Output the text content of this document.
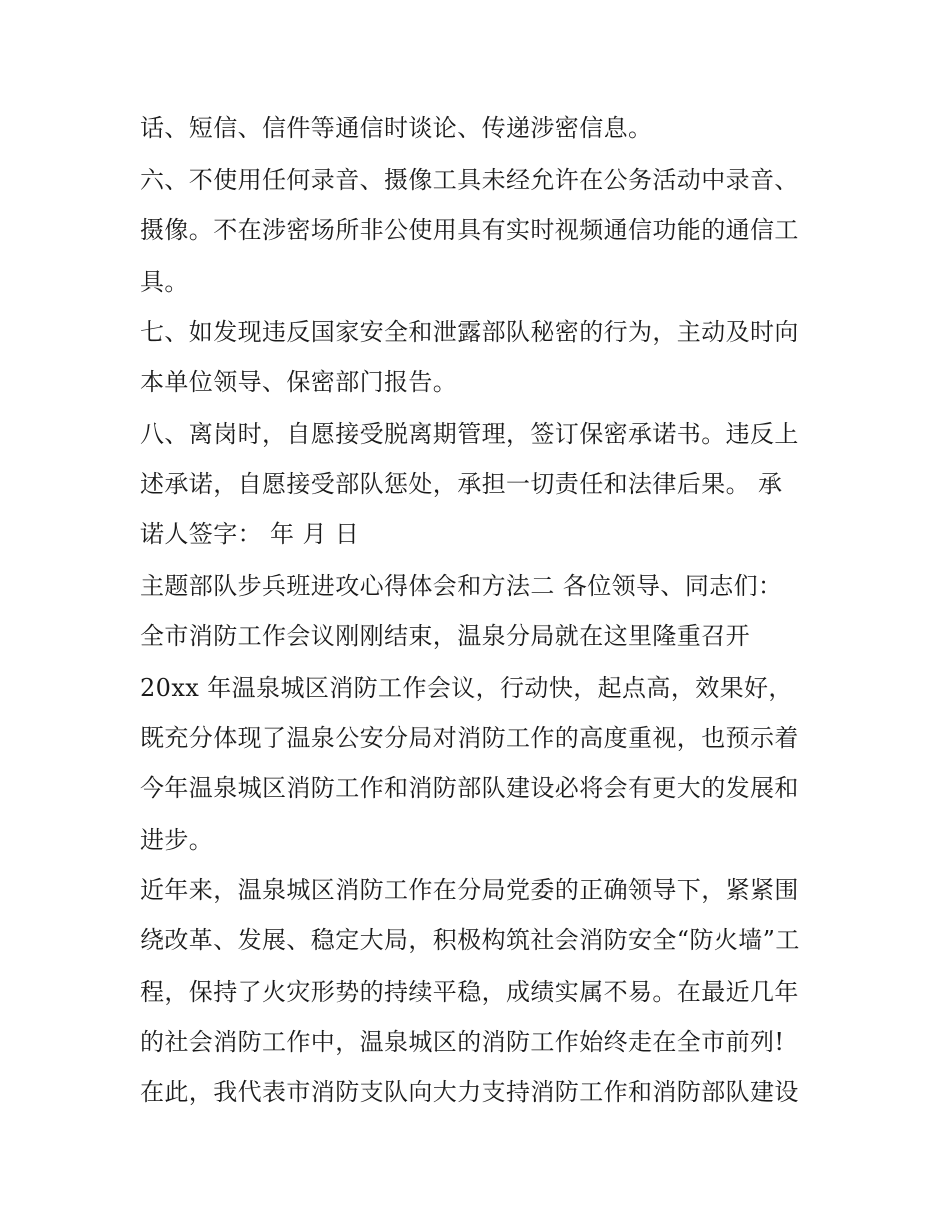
话、短信、信件等通信时谈论、传递涉密信息。
六、不使用任何录音、摄像工具未经允许在公务活动中录音、
摄像。不在涉密场所非公使用具有实时视频通信功能的通信工
具。
七、如发现违反国家安全和泄露部队秘密的行为，主动及时向
本单位领导、保密部门报告。
八、离岗时，自愿接受脱离期管理，签订保密承诺书。违反上
述承诺，自愿接受部队惩处，承担一切责任和法律后果。 承
诺人签字： 年 月 日
主题部队步兵班进攻心得体会和方法二 各位领导、同志们：
全市消防工作会议刚刚结束，温泉分局就在这里隆重召开
20xx 年温泉城区消防工作会议，行动快，起点高，效果好，
既充分体现了温泉公安分局对消防工作的高度重视，也预示着
今年温泉城区消防工作和消防部队建设必将会有更大的发展和
进步。
近年来，温泉城区消防工作在分局党委的正确领导下，紧紧围
绕改革、发展、稳定大局，积极构筑社会消防安全“防火墙”工
程，保持了火灾形势的持续平稳，成绩实属不易。在最近几年
的社会消防工作中，温泉城区的消防工作始终走在全市前列!
在此，我代表市消防支队向大力支持消防工作和消防部队建设
